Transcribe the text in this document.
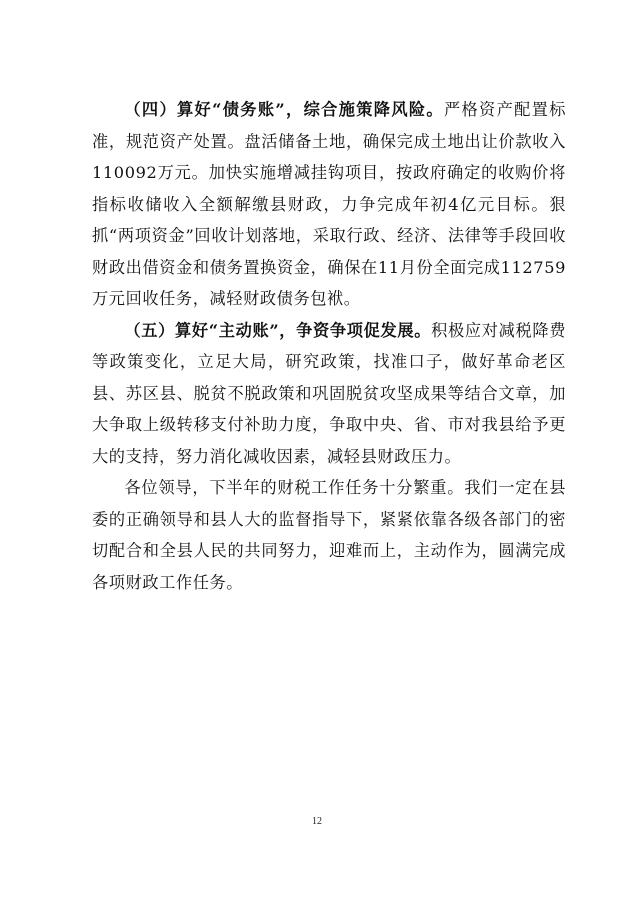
（四）算好“债务账”，综合施策降风险。严格资产配置标准，规范资产处置。盘活储备土地，确保完成土地出让价款收入110092万元。加快实施增减挂钩项目，按政府确定的收购价将指标收储收入全额解缴县财政，力争完成年初4亿元目标。狠抓“两项资金”回收计划落地，采取行政、经济、法律等手段回收财政出借资金和债务置换资金，确保在11月份全面完成112759万元回收任务，减轻财政债务包袱。

（五）算好“主动账”，争资争项促发展。积极应对减税降费等政策变化，立足大局，研究政策，找准口子，做好革命老区县、苏区县、脱贫不脱政策和巩固脱贫攻坚成果等结合文章，加大争取上级转移支付补助力度，争取中央、省、市对我县给予更大的支持，努力消化减收因素，减轻县财政压力。

各位领导，下半年的财税工作任务十分繁重。我们一定在县委的正确领导和县人大的监督指导下，紧紧依靠各级各部门的密切配合和全县人民的共同努力，迎难而上，主动作为，圆满完成各项财政工作任务。

12
